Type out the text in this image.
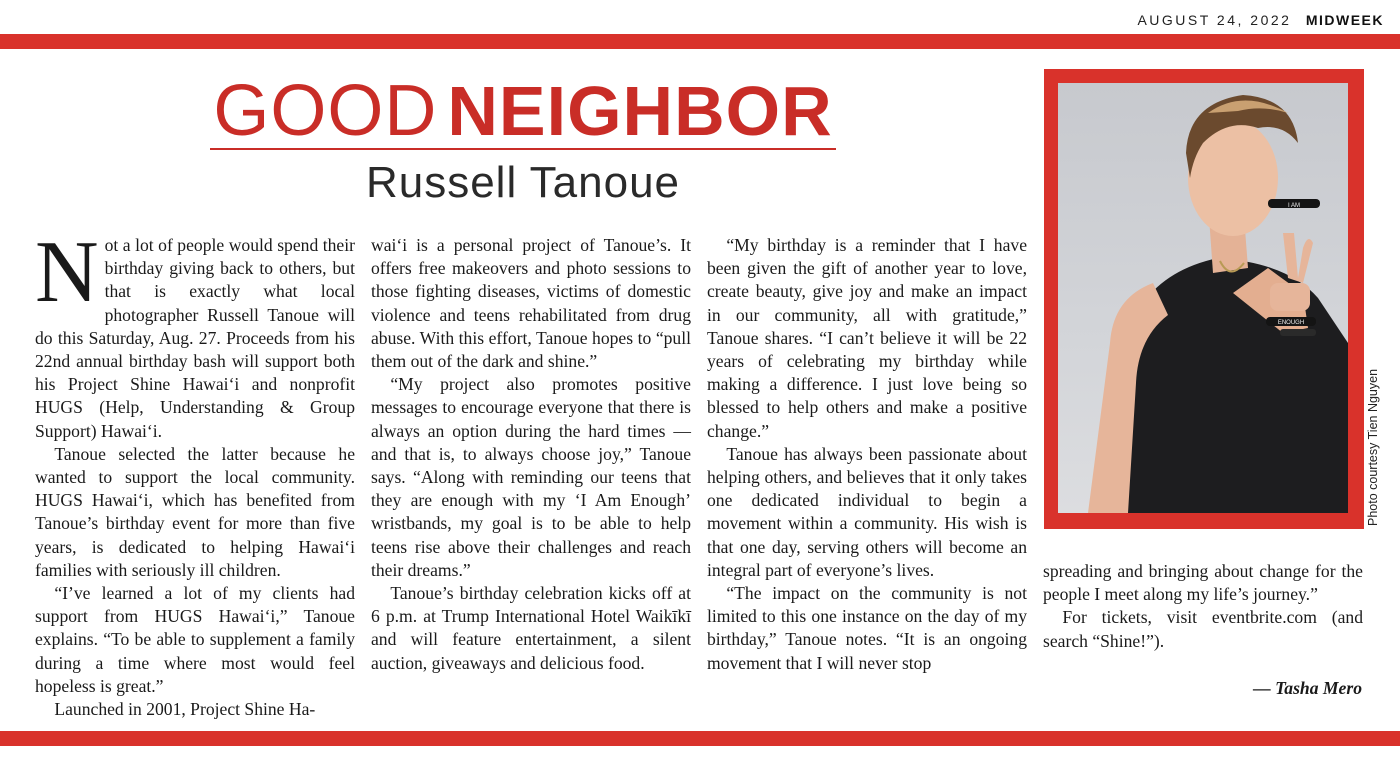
AUGUST 24, 2022 MIDWEEK
GOOD NEIGHBOR
Russell Tanoue

Not a lot of people would spend their birthday giving back to others, but that is exactly what local photographer Russell Tanoue will do this Saturday, Aug. 27. Proceeds from his 22nd annual birthday bash will support both his Project Shine Hawai‘i and nonprofit HUGS (Help, Understanding & Group Support) Hawai‘i.

Tanoue selected the latter because he wanted to support the local community. HUGS Hawai‘i, which has benefited from Tanoue’s birthday event for more than five years, is dedicated to helping Hawai‘i families with seriously ill children.

“I’ve learned a lot of my clients had support from HUGS Hawai‘i,” Tanoue explains. “To be able to supplement a family during a time where most would feel hopeless is great.”

Launched in 2001, Project Shine Ha-

wai‘i is a personal project of Tanoue’s. It offers free makeovers and photo sessions to those fighting diseases, victims of domestic violence and teens rehabilitated from drug abuse. With this effort, Tanoue hopes to “pull them out of the dark and shine.”

“My project also promotes positive messages to encourage everyone that there is always an option during the hard times — and that is, to always choose joy,” Tanoue says. “Along with reminding our teens that they are enough with my ‘I Am Enough’ wristbands, my goal is to be able to help teens rise above their challenges and reach their dreams.”

Tanoue’s birthday celebration kicks off at 6 p.m. at Trump International Hotel Waikīkī and will feature entertainment, a silent auction, giveaways and delicious food.

“My birthday is a reminder that I have been given the gift of another year to love, create beauty, give joy and make an impact in our community, all with gratitude,” Tanoue shares. “I can’t believe it will be 22 years of celebrating my birthday while making a difference. I just love being so blessed to help others and make a positive change.”

Tanoue has always been passionate about helping others, and believes that it only takes one dedicated individual to begin a movement within a community. His wish is that one day, serving others will become an integral part of everyone’s lives.

“The impact on the community is not limited to this one instance on the day of my birthday,” Tanoue notes. “It is an ongoing movement that I will never stop

I AM
ENOUGH
Photo courtesy Tien Nguyen

spreading and bringing about change for the people I meet along my life’s journey.”

For tickets, visit eventbrite.com (and search “Shine!”).

— Tasha Mero
